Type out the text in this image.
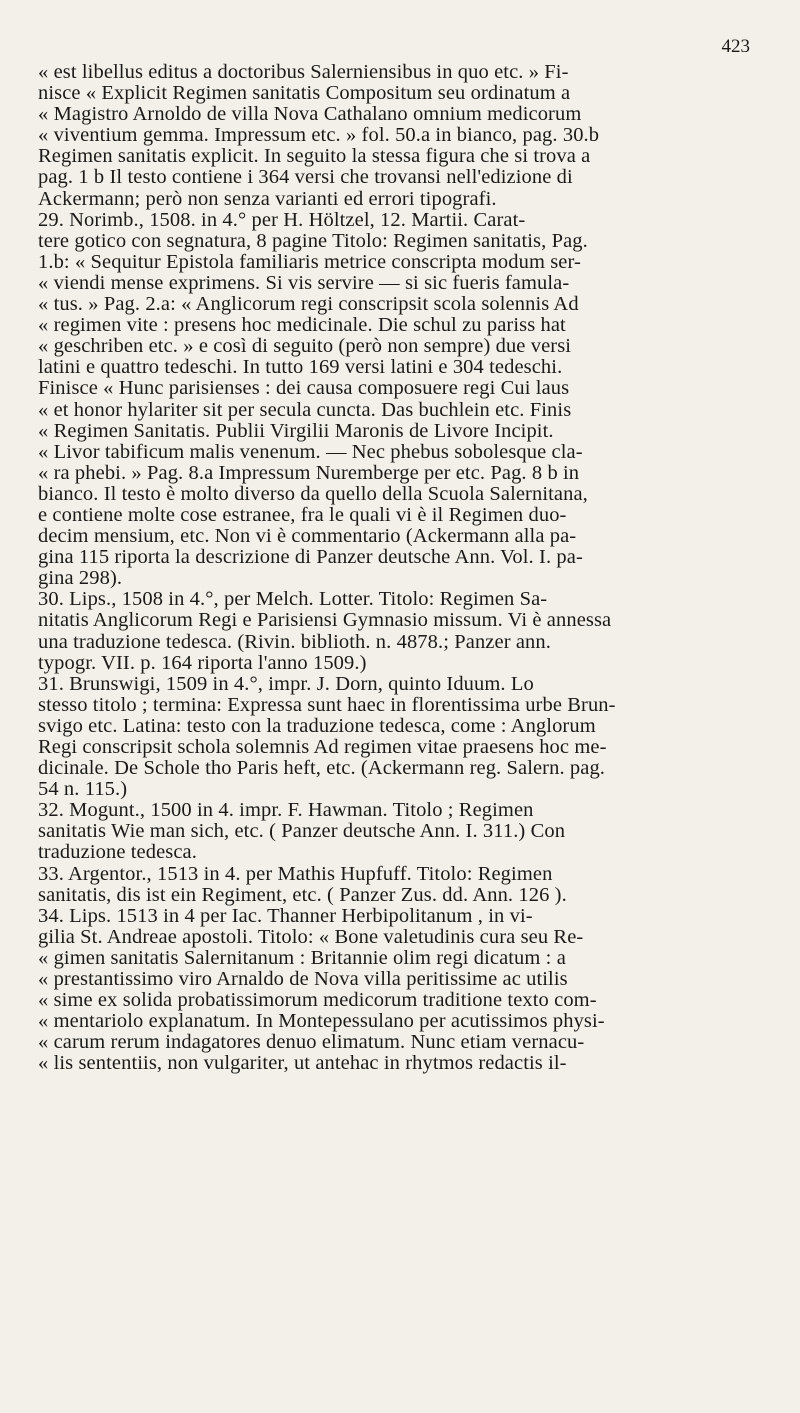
423
« est libellus editus a doctoribus Salerniensibus in quo etc. » Fi-
nisce « Explicit Regimen sanitatis Compositum seu ordinatum a
« Magistro Arnoldo de villa Nova Cathalano omnium medicorum
« viventium gemma. Impressum etc. » fol. 50.a in bianco, pag. 30.b
Regimen sanitatis explicit. In seguito la stessa figura che si trova a
pag. 1 b Il testo contiene i 364 versi che trovansi nell'edizione di
Ackermann; però non senza varianti ed errori tipografi.
29. Norimb., 1508. in 4.° per H. Höltzel, 12. Martii. Carat-
tere gotico con segnatura, 8 pagine Titolo: Regimen sanitatis, Pag.
1.b: « Sequitur Epistola familiaris metrice conscripta modum ser-
« viendi mense exprimens. Si vis servire — si sic fueris famula-
« tus. » Pag. 2.a: « Anglicorum regi conscripsit scola solennis Ad
« regimen vite : presens hoc medicinale. Die schul zu pariss hat
« geschriben etc. » e così di seguito (però non sempre) due versi
latini e quattro tedeschi. In tutto 169 versi latini e 304 tedeschi.
Finisce « Hunc parisienses : dei causa composuere regi Cui laus
« et honor hylariter sit per secula cuncta. Das buchlein etc. Finis
« Regimen Sanitatis. Publii Virgilii Maronis de Livore Incipit.
« Livor tabificum malis venenum. — Nec phebus sobolesque cla-
« ra phebi. » Pag. 8.a Impressum Nuremberge per etc. Pag. 8 b in
bianco. Il testo è molto diverso da quello della Scuola Salernitana,
e contiene molte cose estranee, fra le quali vi è il Regimen duo-
decim mensium, etc. Non vi è commentario (Ackermann alla pa-
gina 115 riporta la descrizione di Panzer deutsche Ann. Vol. I. pa-
gina 298).
30. Lips., 1508 in 4.°, per Melch. Lotter. Titolo: Regimen Sa-
nitatis Anglicorum Regi e Parisiensi Gymnasio missum. Vi è annessa
una traduzione tedesca. (Rivin. biblioth. n. 4878.; Panzer ann.
typogr. VII. p. 164 riporta l'anno 1509.)
31. Brunswigi, 1509 in 4.°, impr. J. Dorn, quinto Iduum. Lo
stesso titolo ; termina: Expressa sunt haec in florentissima urbe Brun-
svigo etc. Latina: testo con la traduzione tedesca, come : Anglorum
Regi conscripsit schola solemnis Ad regimen vitae praesens hoc me-
dicinale. De Schole tho Paris heft, etc. (Ackermann reg. Salern. pag.
54 n. 115.)
32. Mogunt., 1500 in 4. impr. F. Hawman. Titolo ; Regimen
sanitatis Wie man sich, etc. ( Panzer deutsche Ann. I. 311.) Con
traduzione tedesca.
33. Argentor., 1513 in 4. per Mathis Hupfuff. Titolo: Regimen
sanitatis, dis ist ein Regiment, etc. ( Panzer Zus. dd. Ann. 126 ).
34. Lips. 1513 in 4 per Iac. Thanner Herbipolitanum , in vi-
gilia St. Andreae apostoli. Titolo: « Bone valetudinis cura seu Re-
« gimen sanitatis Salernitanum : Britannie olim regi dicatum : a
« prestantissimo viro Arnaldo de Nova villa peritissime ac utilis
« sime ex solida probatissimorum medicorum traditione texto com-
« mentariolo explanatum. In Montepessulano per acutissimos physi-
« carum rerum indagatores denuo elimatum. Nunc etiam vernacu-
« lis sententiis, non vulgariter, ut antehac in rhytmos redactis il-
